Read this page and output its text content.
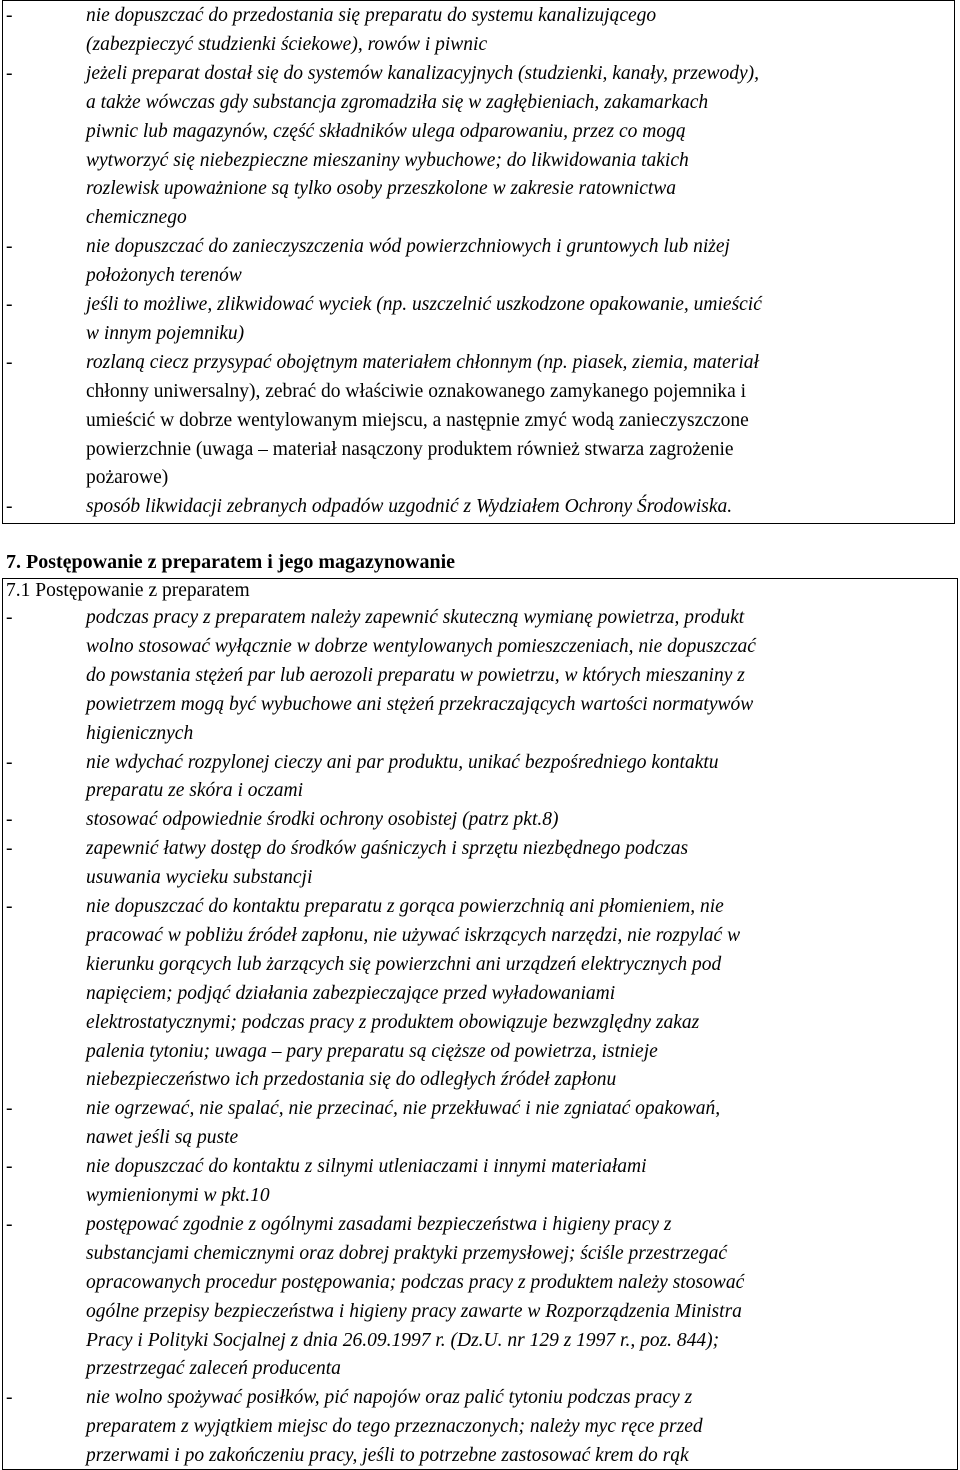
7. Postępowanie z preparatem i jego magazynowanie
7.1 Postępowanie z preparatem
-	nie dopuszczać do przedostania się preparatu do systemu kanalizującego
(zabezpieczyć studzienki ściekowe), rowów i piwnic
-	jeżeli preparat dostał się do systemów kanalizacyjnych (studzienki, kanały, przewody),
a także wówczas gdy substancja zgromadziła się w zagłębieniach, zakamarkach
piwnic lub magazynów, część składników ulega odparowaniu, przez co mogą
wytworzyć się niebezpieczne mieszaniny wybuchowe; do likwidowania takich
rozlewisk upoważnione są tylko osoby przeszkolone w zakresie ratownictwa
chemicznego
-	nie dopuszczać do zanieczyszczenia wód powierzchniowych i gruntowych lub niżej
położonych terenów
-	jeśli to możliwe, zlikwidować wyciek (np. uszczelnić uszkodzone opakowanie, umieścić
w innym pojemniku)
-	rozlaną ciecz przysypać obojętnym materiałem chłonnym (np. piasek, ziemia, materiał
chłonny uniwersalny), zebrać do właściwie oznakowanego zamykanego pojemnika i
umieścić w dobrze wentylowanym miejscu, a następnie zmyć wodą zanieczyszczone
powierzchnie (uwaga – materiał nasączony produktem również stwarza zagrożenie
pożarowe)
-	sposób likwidacji zebranych odpadów uzgodnić z Wydziałem Ochrony Środowiska.
-	podczas pracy z preparatem należy zapewnić skuteczną wymianę powietrza, produkt
wolno stosować wyłącznie w dobrze wentylowanych pomieszczeniach, nie dopuszczać
do powstania stężeń par lub aerozoli preparatu w powietrzu, w których mieszaniny z
powietrzem mogą być wybuchowe ani stężeń przekraczających wartości normatywów
higienicznych
-	nie wdychać rozpylonej cieczy ani par produktu, unikać bezpośredniego kontaktu
preparatu ze skóra i oczami
-	stosować odpowiednie środki ochrony osobistej (patrz pkt.8)
-	zapewnić łatwy dostęp do środków gaśniczych i sprzętu niezbędnego podczas
usuwania wycieku substancji
-	nie dopuszczać do kontaktu preparatu z gorąca powierzchnią ani płomieniem, nie
pracować w pobliżu źródeł zapłonu, nie używać iskrzących narzędzi, nie rozpylać w
kierunku gorących lub żarzących się powierzchni ani urządzeń elektrycznych pod
napięciem; podjąć działania zabezpieczające przed wyładowaniami
elektrostatycznymi; podczas pracy z produktem obowiązuje bezwzględny zakaz
palenia tytoniu; uwaga – pary preparatu są cięższe od powietrza, istnieje
niebezpieczeństwo ich przedostania się do odległych źródeł zapłonu
-	nie ogrzewać, nie spalać, nie przecinać, nie przekłuwać i nie zgniatać opakowań,
nawet jeśli są puste
-	nie dopuszczać do kontaktu z silnymi utleniaczami i innymi materiałami
wymienionymi w pkt.10
-	postępować zgodnie z ogólnymi zasadami bezpieczeństwa i higieny pracy z
substancjami chemicznymi oraz dobrej praktyki przemysłowej; ściśle przestrzegać
opracowanych procedur postępowania; podczas pracy z produktem należy stosować
ogólne przepisy bezpieczeństwa i higieny pracy zawarte w Rozporządzenia Ministra
Pracy i Polityki Socjalnej z dnia 26.09.1997 r. (Dz.U. nr 129 z 1997 r., poz. 844);
przestrzegać zaleceń producenta
-	nie wolno spożywać posiłków, pić napojów oraz palić tytoniu podczas pracy z
preparatem z wyjątkiem miejsc do tego przeznaczonych; należy myc ręce przed
przerwami i po zakończeniu pracy, jeśli to potrzebne zastosować krem do rąk
